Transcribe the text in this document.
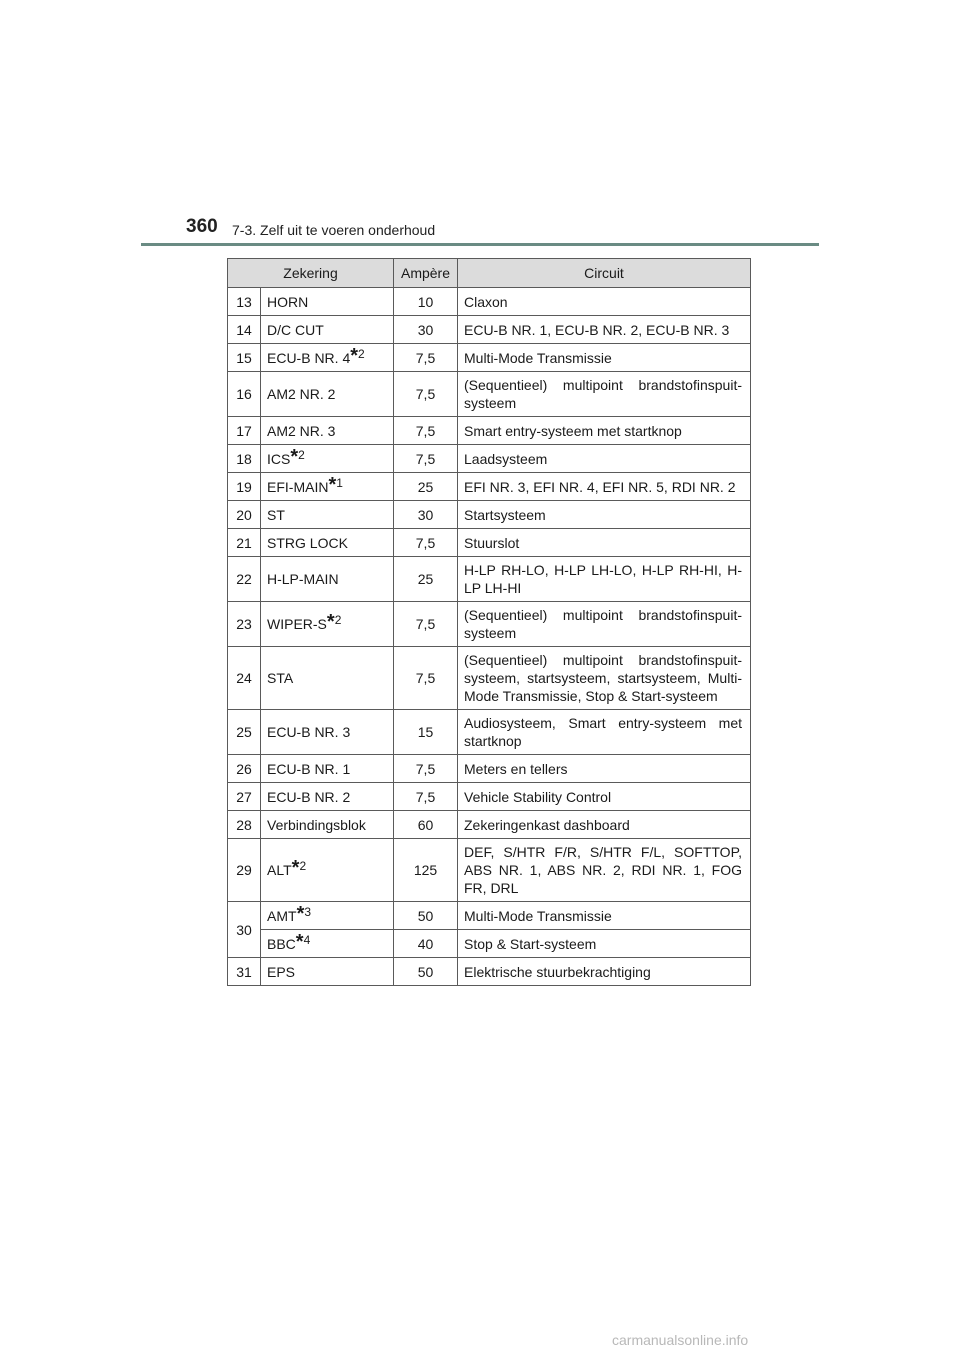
360 7-3. Zelf uit te voeren onderhoud
Zekering		Ampère	Circuit
13	HORN	10	Claxon
14	D/C CUT	30	ECU-B NR. 1, ECU-B NR. 2, ECU-B NR. 3
15	ECU-B NR. 4$^{*2}$	7,5	Multi-Mode Transmissie
16	AM2 NR. 2	7,5	(Sequentieel) multipoint brandstofinspuit-systeem
17	AM2 NR. 3	7,5	Smart entry-systeem met startknop
18	ICS$^{*2}$	7,5	Laadsysteem
19	EFI-MAIN$^{*1}$	25	EFI NR. 3, EFI NR. 4, EFI NR. 5, RDI NR. 2
20	ST	30	Startsysteem
21	STRG LOCK	7,5	Stuurslot
22	H-LP-MAIN	25	H-LP RH-LO, H-LP LH-LO, H-LP RH-HI, H-LP LH-HI
23	WIPER-$S^{*2}$	7,5	(Sequentieel) multipoint brandstofinspuit-systeem
24	STA	7,5	(Sequentieel) multipoint brandstofinspuit-systeem, startsysteem, startsysteem, Multi-Mode Transmissie, Stop & Start-systeem
25	ECU-B NR. 3	15	Audiosysteem, Smart entry-systeem met startknop
26	ECU-B NR. 1	7,5	Meters en tellers
27	ECU-B NR. 2	7,5	Vehicle Stability Control
28	Verbindingsblok	60	Zekeringenkast dashboard
29	ALT$^{*2}$	125	DEF, S/HTR F/R, S/HTR F/L, SOFTTOP, ABS NR. 1, ABS NR. 2, RDI NR. 1, FOG FR, DRL
30	AMT$^{*3}$	50	Multi-Mode Transmissie
	BBC$^{*4}$	40	Stop & Start-systeem
31	EPS	50	Elektrische stuurbekrachtiging
carmanualsonline.info
